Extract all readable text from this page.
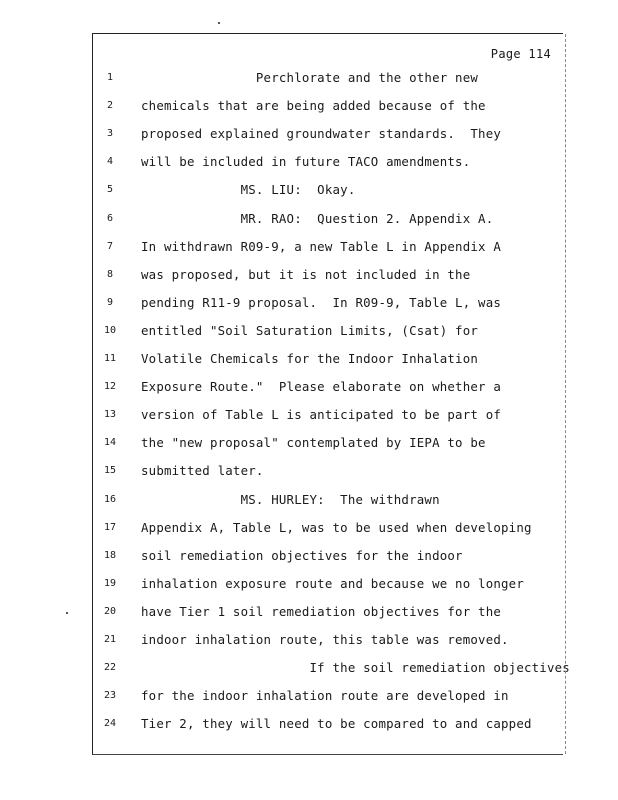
Page 114
1	Perchlorate and the other new
2	chemicals that are being added because of the
3	proposed explained groundwater standards.  They
4	will be included in future TACO amendments.
5	MS. LIU:  Okay.
6	MR. RAO:  Question 2. Appendix A.
7	In withdrawn R09-9, a new Table L in Appendix A
8	was proposed, but it is not included in the
9	pending R11-9 proposal.  In R09-9, Table L, was
10 entitled "Soil Saturation Limits, (Csat) for
11 Volatile Chemicals for the Indoor Inhalation
12 Exposure Route."  Please elaborate on whether a
13 version of Table L is anticipated to be part of
14 the "new proposal" contemplated by IEPA to be
15 submitted later.
16 MS. HURLEY:  The withdrawn
17 Appendix A, Table L, was to be used when developing
18 soil remediation objectives for the indoor
19 inhalation exposure route and because we no longer
20 have Tier 1 soil remediation objectives for the
21 indoor inhalation route, this table was removed.
22 If the soil remediation objectives
23 for the indoor inhalation route are developed in
24 Tier 2, they will need to be compared to and capped
